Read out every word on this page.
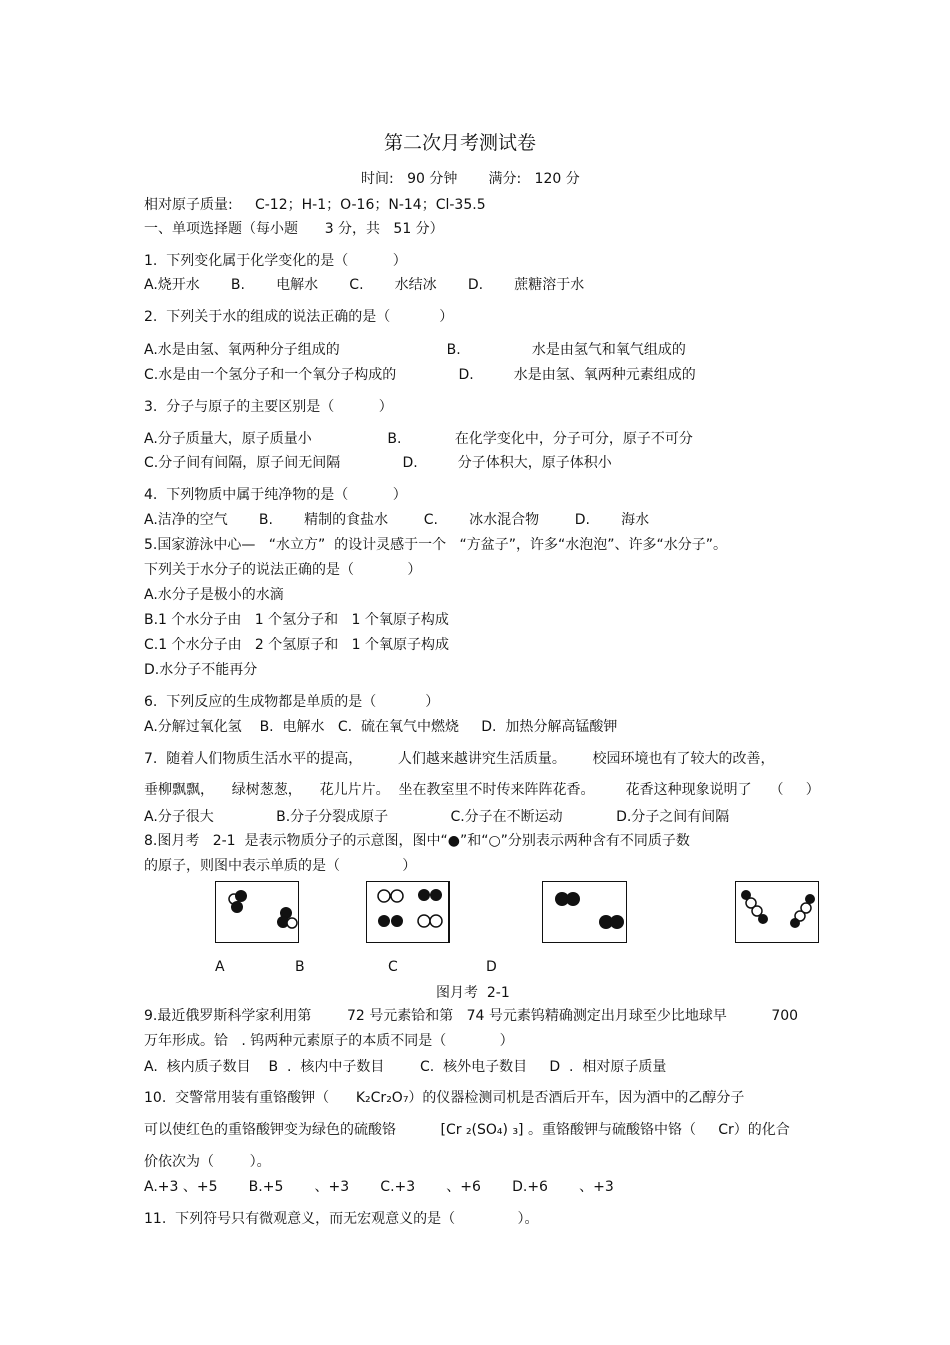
第二次月考测试卷
时间:   90 分钟       满分:   120 分
相对原子质量:     C-12；H-1；O-16；N-14；Cl-35.5
一、单项选择题（每小题      3 分，共   51 分）
1.  下列变化属于化学变化的是（          ）
A.烧开水       B.       电解水       C.       水结冰       D.       蔗糖溶于水
2.  下列关于水的组成的说法正确的是（           ）
A.水是由氢、氧两种分子组成的                        B.                水是由氢气和氧气组成的
C.水是由一个氢分子和一个氧分子构成的              D.         水是由氢、氧两种元素组成的
3.  分子与原子的主要区别是（          ）
A.分子质量大，原子质量小                 B.            在化学变化中，分子可分，原子不可分
C.分子间有间隔，原子间无间隔              D.         分子体积大，原子体积小
4.  下列物质中属于纯净物的是（          ）
A.洁净的空气       B.       精制的食盐水        C.       冰水混合物        D.       海水
5.国家游泳中心—   “水立方”  的设计灵感于一个   “方盆子”，许多“水泡泡”、许多“水分子”。
下列关于水分子的说法正确的是（            ）
A.水分子是极小的水滴
B.1 个水分子由   1 个氢分子和   1 个氧原子构成
C.1 个水分子由   2 个氢原子和   1 个氧原子构成
D.水分子不能再分
6.  下列反应的生成物都是单质的是（           ）
A.分解过氧化氢    B.  电解水   C.  硫在氧气中燃烧     D.  加热分解高锰酸钾
7.  随着人们物质生活水平的提高，        人们越来越讲究生活质量。      校园环境也有了较大的改善，
垂柳飘飘，    绿树葱葱，    花儿片片。  坐在教室里不时传来阵阵花香。       花香这种现象说明了    （     ）
A.分子很大              B.分子分裂成原子              C.分子在不断运动            D.分子之间有间隔
8.图月考   2-1  是表示物质分子的示意图，图中“●”和“○”分别表示两种含有不同质子数
的原子，则图中表示单质的是（              ）
A	B	C	D
图月考  2-1
9.最近俄罗斯科学家利用第        72 号元素铪和第   74 号元素钨精确测定出月球至少比地球早          700
万年形成。铪   . 钨两种元素原子的本质不同是（            ）
A.  核内质子数目    B  .  核内中子数目        C.  核外电子数目     D  .  相对原子质量
10.  交警常用装有重铬酸钾（      K₂Cr₂O₇）的仪器检测司机是否酒后开车，因为酒中的乙醇分子
可以使红色的重铬酸钾变为绿色的硫酸铬          [Cr ₂(SO₄) ₃] 。重铬酸钾与硫酸铬中铬（     Cr）的化合
价依次为（        ）。
A.+3 、+5       B.+5       、+3       C.+3       、+6       D.+6       、+3
11.  下列符号只有微观意义，而无宏观意义的是（              ）。
